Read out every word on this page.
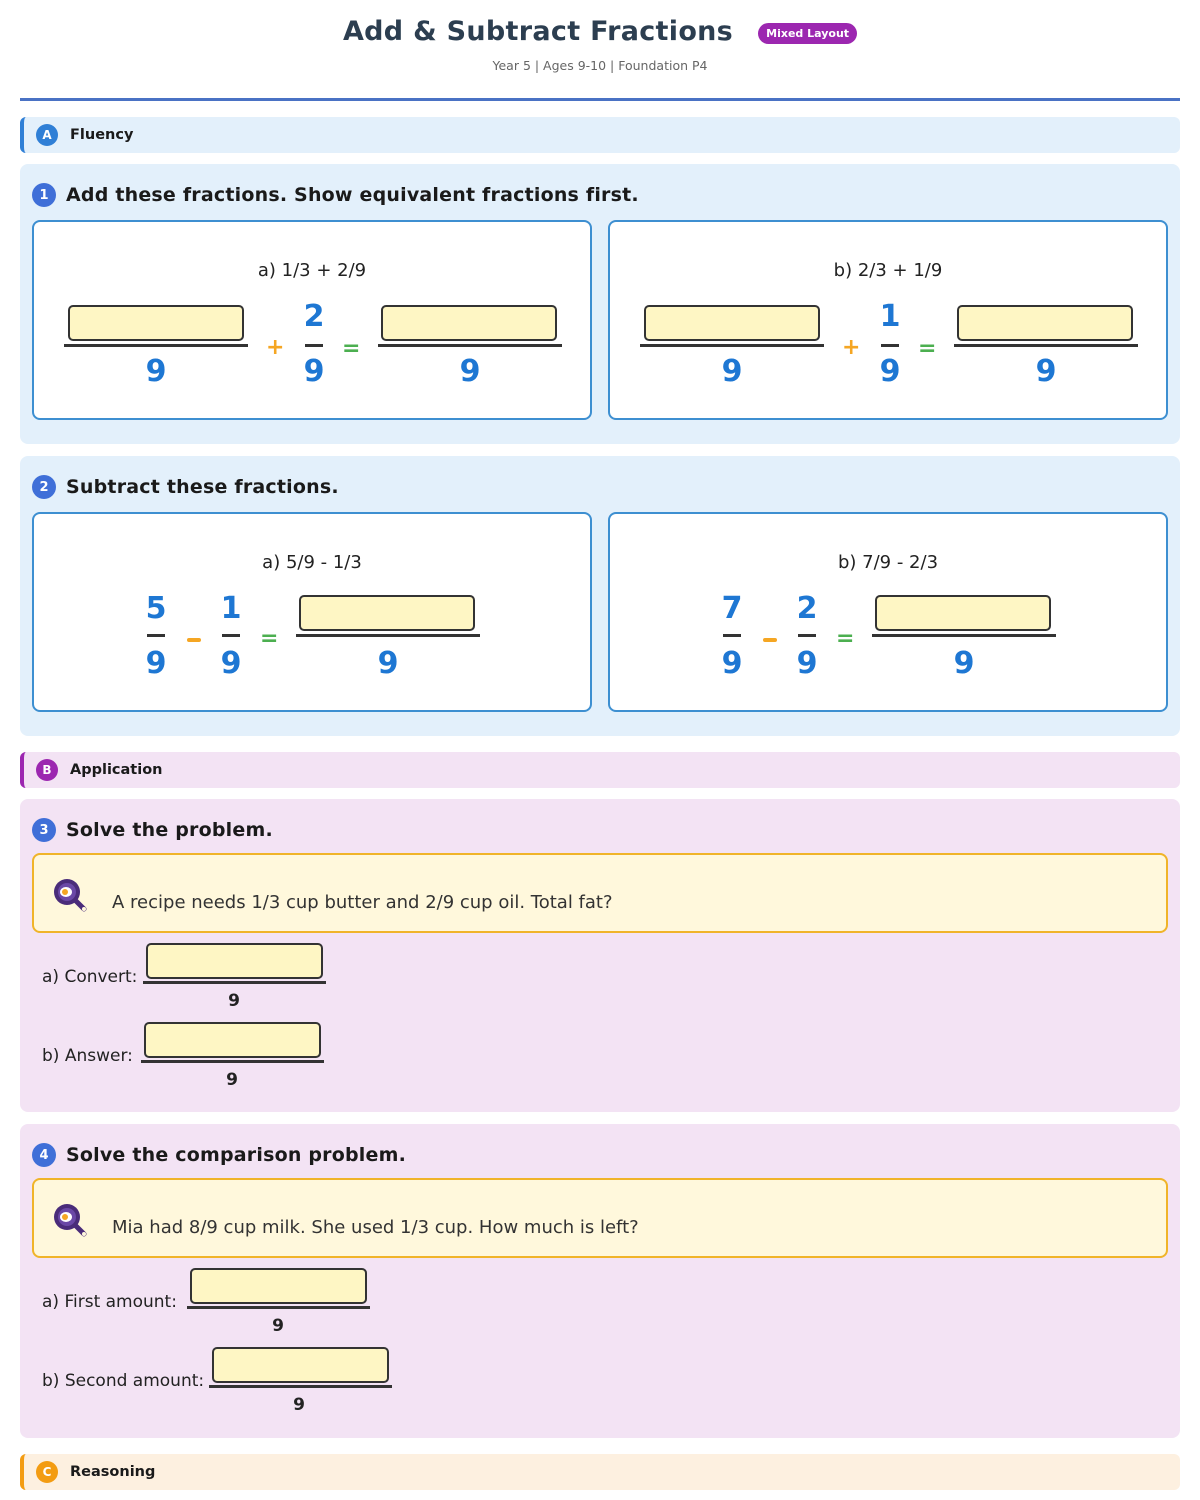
Add & Subtract Fractions	Mixed Layout
Year 5 | Ages 9-10 | Foundation P4
A	Fluency
1 Add these fractions. Show equivalent fractions first.
a) 1/3 + 2/9
9
+
2
9
=
9
b) 2/3 + 1/9
9
+
1
9
=
9
2 Subtract these fractions.
a) 5/9 - 1/3
5
9
1
9
=
9
b) 7/9 - 2/3
7
9
2
9
=
9
B	Application
3 Solve the problem.
A recipe needs 1/3 cup butter and 2/9 cup oil. Total fat?
a) Convert:
9
b) Answer:
9
4 Solve the comparison problem.
Mia had 8/9 cup milk. She used 1/3 cup. How much is left?
a) First amount:
9
b) Second amount:
9
C	Reasoning
